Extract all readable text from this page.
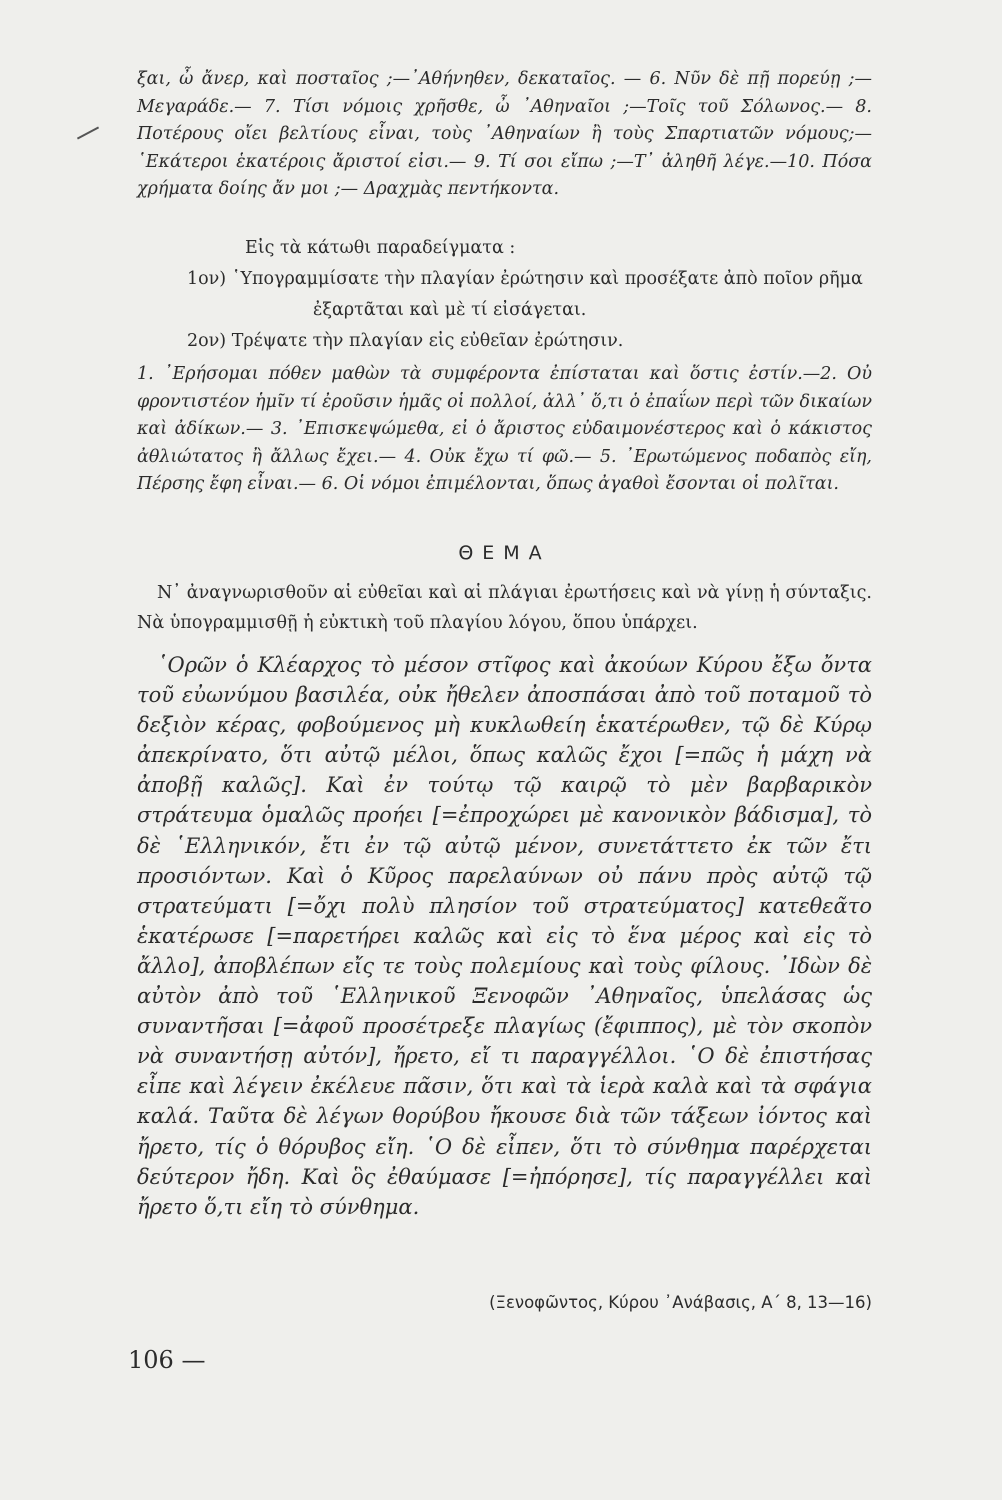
ξαι, ὦ ἄνερ, καὶ ποσταῖος ;—᾿Αθήνηθεν, δεκαταῖος. — 6. Νῦν δὲ πῇ πορεύῃ ;—Μεγαράδε.— 7. Τίσι νόμοις χρῆσθε, ὦ ᾿Αθηναῖοι ;—Τοῖς τοῦ Σόλωνος.— 8. Ποτέρους οἴει βελτίους εἶναι, τοὺς ᾿Αθηναίων ἢ τοὺς Σπαρτιατῶν νόμους;—῾Εκάτεροι ἑκατέροις ἄριστοί εἰσι.— 9. Τί σοι εἴπω ;—Τ᾿ ἀληθῆ λέγε.—10. Πόσα χρήματα δοίης ἄν μοι ;— Δραχμὰς πεντήκοντα.

Εἰς τὰ κάτωθι παραδείγματα :

1ον) ῾Υπογραμμίσατε τὴν πλαγίαν ἐρώτησιν καὶ προσέξατε ἀπὸ ποῖον ρῆμα ἐξαρτᾶται καὶ μὲ τί εἰσάγεται.

2ον) Τρέψατε τὴν πλαγίαν εἰς εὐθεῖαν ἐρώτησιν.

1. ᾿Ερήσομαι πόθεν μαθὼν τὰ συμφέροντα ἐπίσταται καὶ ὅστις ἐστίν.—2. Οὐ φροντιστέον ἡμῖν τί ἐροῦσιν ἡμᾶς οἱ πολλοί, ἀλλ᾿ ὅ,τι ὁ ἐπαΐων περὶ τῶν δικαίων καὶ ἀδίκων.— 3. ᾿Επισκεψώμεθα, εἰ ὁ ἄριστος εὐδαιμονέστερος καὶ ὁ κάκιστος ἀθλιώτατος ἢ ἄλλως ἔχει.— 4. Οὐκ ἔχω τί φῶ.— 5. ᾿Ερωτώμενος ποδαπὸς εἴη, Πέρσης ἔφη εἶναι.— 6. Οἱ νόμοι ἐπιμέλονται, ὅπως ἀγαθοὶ ἔσονται οἱ πολῖται.

ΘΕΜΑ

Ν᾿ ἀναγνωρισθοῦν αἱ εὐθεῖαι καὶ αἱ πλάγιαι ἐρωτήσεις καὶ νὰ γίνῃ ἡ σύνταξις. Νὰ ὑπογραμμισθῇ ἡ εὐκτικὴ τοῦ πλαγίου λόγου, ὅπου ὑπάρχει.

῾Ορῶν ὁ Κλέαρχος τὸ μέσον στῖφος καὶ ἀκούων Κύρου ἔξω ὄντα τοῦ εὐωνύμου βασιλέα, οὐκ ἤθελεν ἀποσπάσαι ἀπὸ τοῦ ποταμοῦ τὸ δεξιὸν κέρας, φοβούμενος μὴ κυκλωθείη ἑκατέρωθεν, τῷ δὲ Κύρῳ ἀπεκρίνατο, ὅτι αὐτῷ μέλοι, ὅπως καλῶς ἔχοι [=πῶς ἡ μάχη νὰ ἀποβῇ καλῶς]. Καὶ ἐν τούτῳ τῷ καιρῷ τὸ μὲν βαρβαρικὸν στράτευμα ὁμαλῶς προήει [=ἐπροχώρει μὲ κανονικὸν βάδισμα], τὸ δὲ ῾Ελληνικόν, ἔτι ἐν τῷ αὐτῷ μένον, συνετάττετο ἐκ τῶν ἔτι προσιόντων. Καὶ ὁ Κῦρος παρελαύνων οὐ πάνυ πρὸς αὐτῷ τῷ στρατεύματι [=ὄχι πολὺ πλησίον τοῦ στρατεύματος] κατεθεᾶτο ἑκατέρωσε [=παρετήρει καλῶς καὶ εἰς τὸ ἕνα μέρος καὶ εἰς τὸ ἄλλο], ἀποβλέπων εἴς τε τοὺς πολεμίους καὶ τοὺς φίλους. ᾿Ιδὼν δὲ αὐτὸν ἀπὸ τοῦ ῾Ελληνικοῦ Ξενοφῶν ᾿Αθηναῖος, ὑπελάσας ὡς συναντῆσαι [=ἀφοῦ προσέτρεξε πλαγίως (ἔφιππος), μὲ τὸν σκοπὸν νὰ συναντήσῃ αὐτόν], ἤρετο, εἴ τι παραγγέλλοι. ῾Ο δὲ ἐπιστήσας εἶπε καὶ λέγειν ἐκέλευε πᾶσιν, ὅτι καὶ τὰ ἱερὰ καλὰ καὶ τὰ σφάγια καλά. Ταῦτα δὲ λέγων θορύβου ἤκουσε διὰ τῶν τάξεων ἰόντος καὶ ἤρετο, τίς ὁ θόρυβος εἴη. ῾Ο δὲ εἶπεν, ὅτι τὸ σύνθημα παρέρχεται δεύτερον ἤδη. Καὶ ὃς ἐθαύμασε [=ἠπόρησε], τίς παραγγέλλει καὶ ἤρετο ὅ,τι εἴη τὸ σύνθημα.

(Ξενοφῶντος, Κύρου ᾿Ανάβασις, Α΄ 8, 13—16)

106 —
